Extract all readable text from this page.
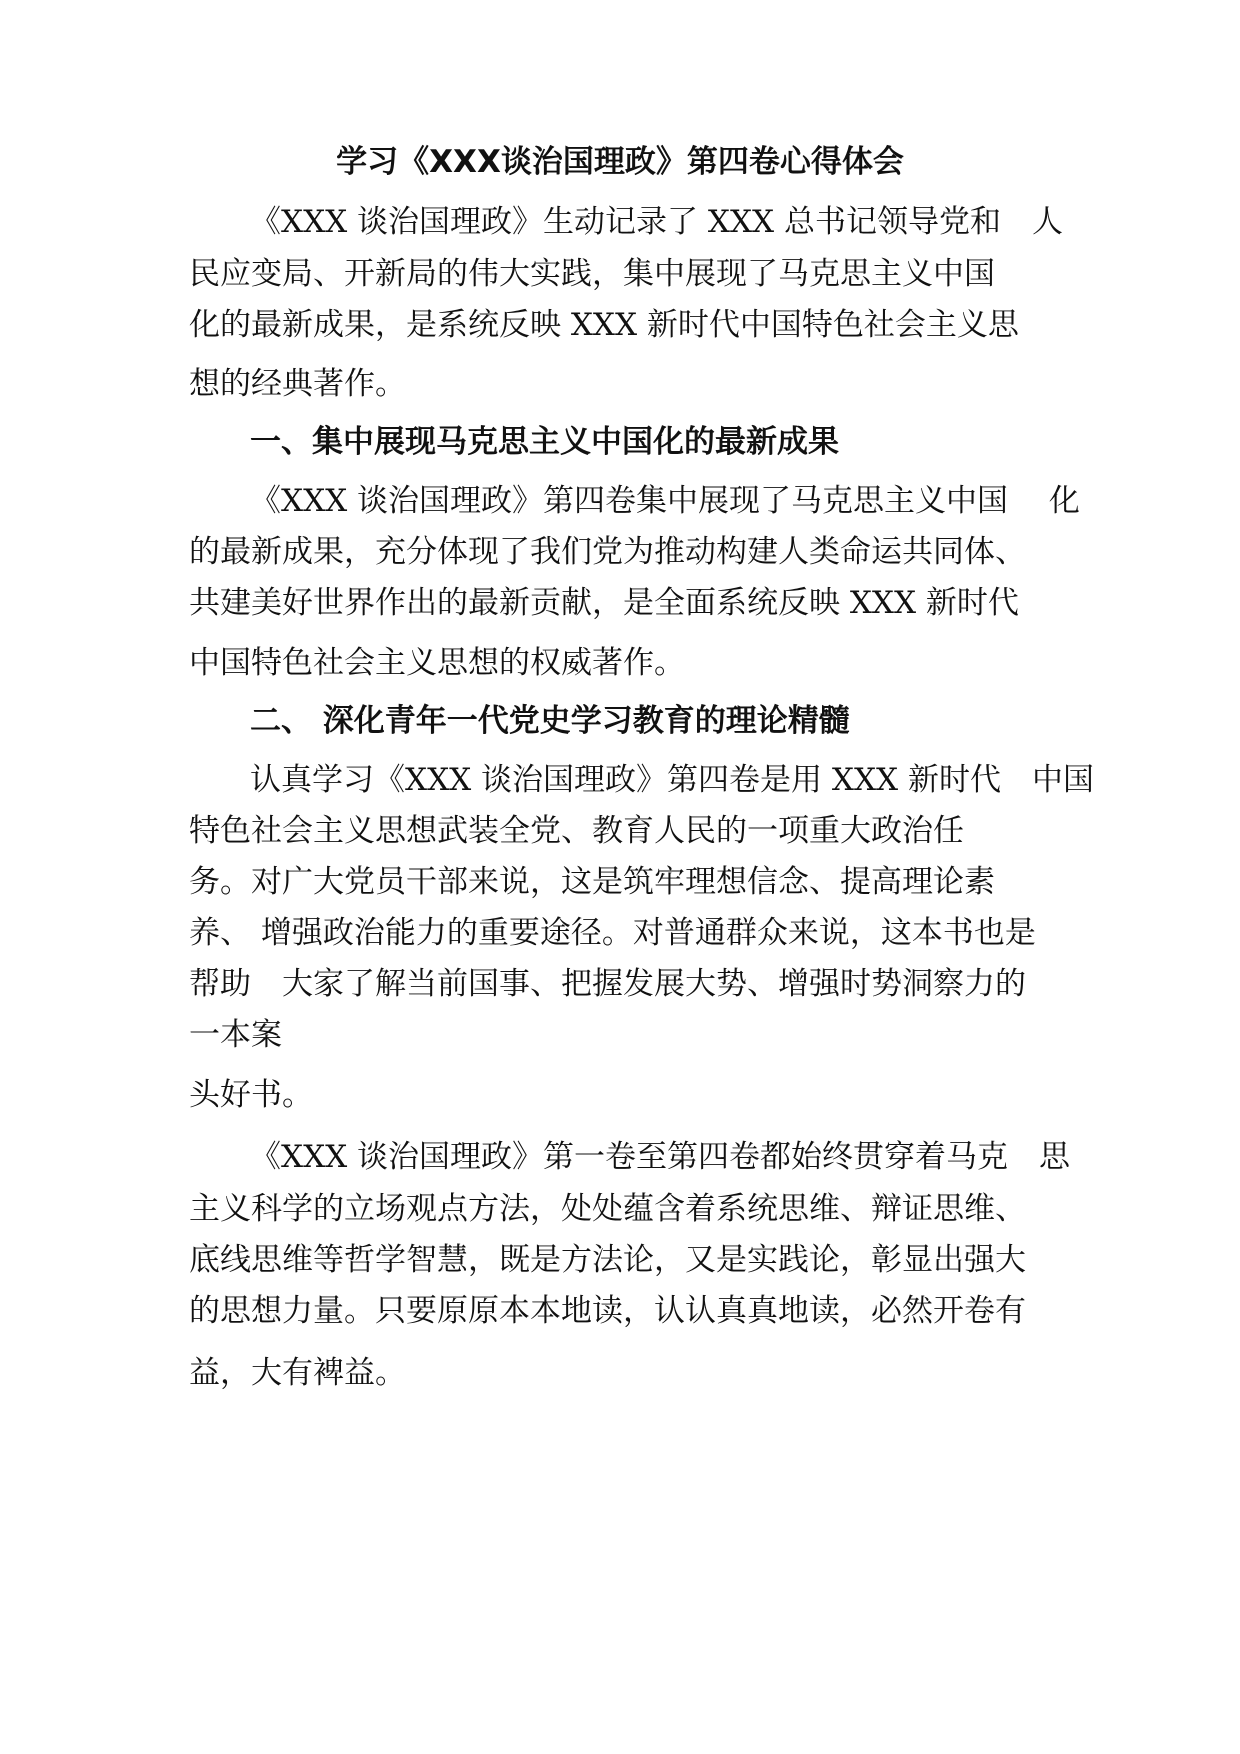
学习《XXX谈治国理政》第四卷心得体会
《XXX 谈治国理政》生动记录了 XXX 总书记领导党和　人
民应变局、开新局的伟大实践，集中展现了马克思主义中国
化的最新成果，是系统反映 XXX 新时代中国特色社会主义思
想的经典著作。
一、集中展现马克思主义中国化的最新成果
《XXX 谈治国理政》第四卷集中展现了马克思主义中国　 化
的最新成果，充分体现了我们党为推动构建人类命运共同体、
共建美好世界作出的最新贡献，是全面系统反映 XXX 新时代
中国特色社会主义思想的权威著作。
二、 深化青年一代党史学习教育的理论精髓
认真学习《XXX 谈治国理政》第四卷是用 XXX 新时代　中国
特色社会主义思想武装全党、教育人民的一项重大政治任
务。对广大党员干部来说，这是筑牢理想信念、提高理论素
养、 增强政治能力的重要途径。对普通群众来说，这本书也是
帮助　大家了解当前国事、把握发展大势、增强时势洞察力的
一本案
头好书。
《XXX 谈治国理政》第一卷至第四卷都始终贯穿着马克　思
主义科学的立场观点方法，处处蕴含着系统思维、辩证思维、
底线思维等哲学智慧，既是方法论，又是实践论，彰显出强大
的思想力量。只要原原本本地读，认认真真地读，必然开卷有
益，大有裨益。
